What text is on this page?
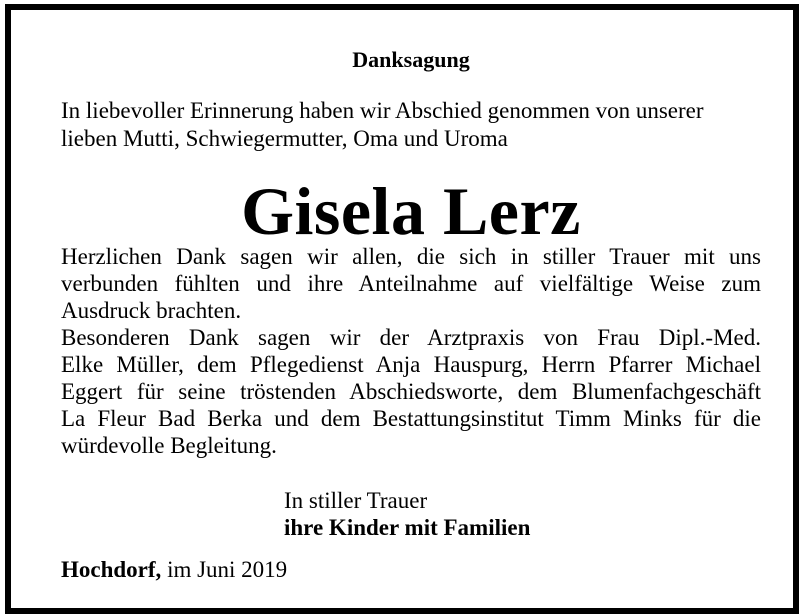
Danksagung
In liebevoller Erinnerung haben wir Abschied genommen von unserer
lieben Mutti, Schwiegermutter, Oma und Uroma
Gisela Lerz
Herzlichen Dank sagen wir allen, die sich in stiller Trauer mit uns
verbunden fühlten und ihre Anteilnahme auf vielfältige Weise zum
Ausdruck brachten.
Besonderen Dank sagen wir der Arztpraxis von Frau Dipl.-Med.
Elke Müller, dem Pflegedienst Anja Hauspurg, Herrn Pfarrer Michael
Eggert für seine tröstenden Abschiedsworte, dem Blumenfachgeschäft
La Fleur Bad Berka und dem Bestattungsinstitut Timm Minks für die
würdevolle Begleitung.
In stiller Trauer
ihre Kinder mit Familien
Hochdorf, im Juni 2019
